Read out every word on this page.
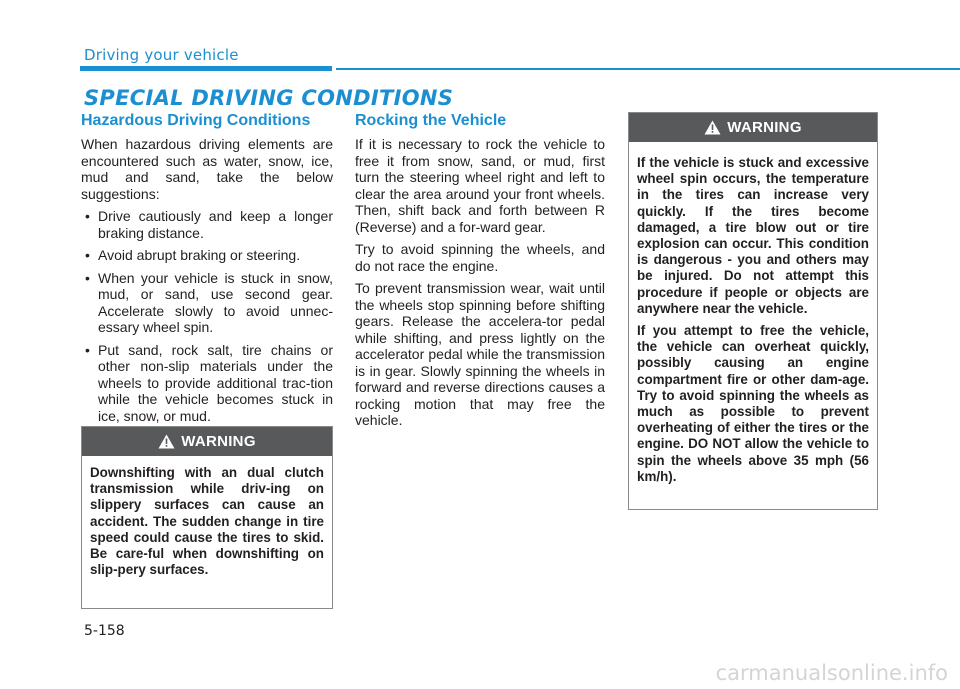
Driving your vehicle
SPECIAL DRIVING CONDITIONS
Hazardous Driving Conditions

When hazardous driving elements are encountered such as water, snow, ice, mud and sand, take the below suggestions:

• Drive cautiously and keep a longer braking distance.
• Avoid abrupt braking or steering.
• When your vehicle is stuck in snow, mud, or sand, use second gear. Accelerate slowly to avoid unnec-essary wheel spin.
• Put sand, rock salt, tire chains or other non-slip materials under the wheels to provide additional trac-tion while the vehicle becomes stuck in ice, snow, or mud.
WARNING

Downshifting with an dual clutch transmission while driv-ing on slippery surfaces can cause an accident. The sudden change in tire speed could cause the tires to skid. Be care-ful when downshifting on slip-pery surfaces.

Rocking the Vehicle

If it is necessary to rock the vehicle to free it from snow, sand, or mud, first turn the steering wheel right and left to clear the area around your front wheels. Then, shift back and forth between R (Reverse) and a for-ward gear.

Try to avoid spinning the wheels, and do not race the engine.

To prevent transmission wear, wait until the wheels stop spinning before shifting gears. Release the accelera-tor pedal while shifting, and press lightly on the accelerator pedal while the transmission is in gear. Slowly spinning the wheels in forward and reverse directions causes a rocking motion that may free the vehicle.

WARNING

If the vehicle is stuck and excessive wheel spin occurs, the temperature in the tires can increase very quickly. If the tires become damaged, a tire blow out or tire explosion can occur. This condition is dangerous - you and others may be injured. Do not attempt this procedure if people or objects are anywhere near the vehicle.

If you attempt to free the vehicle, the vehicle can overheat quickly, possibly causing an engine compartment fire or other dam-age. Try to avoid spinning the wheels as much as possible to prevent overheating of either the tires or the engine. DO NOT allow the vehicle to spin the wheels above 35 mph (56 km/h).

5-158
carmanualsonline.info
